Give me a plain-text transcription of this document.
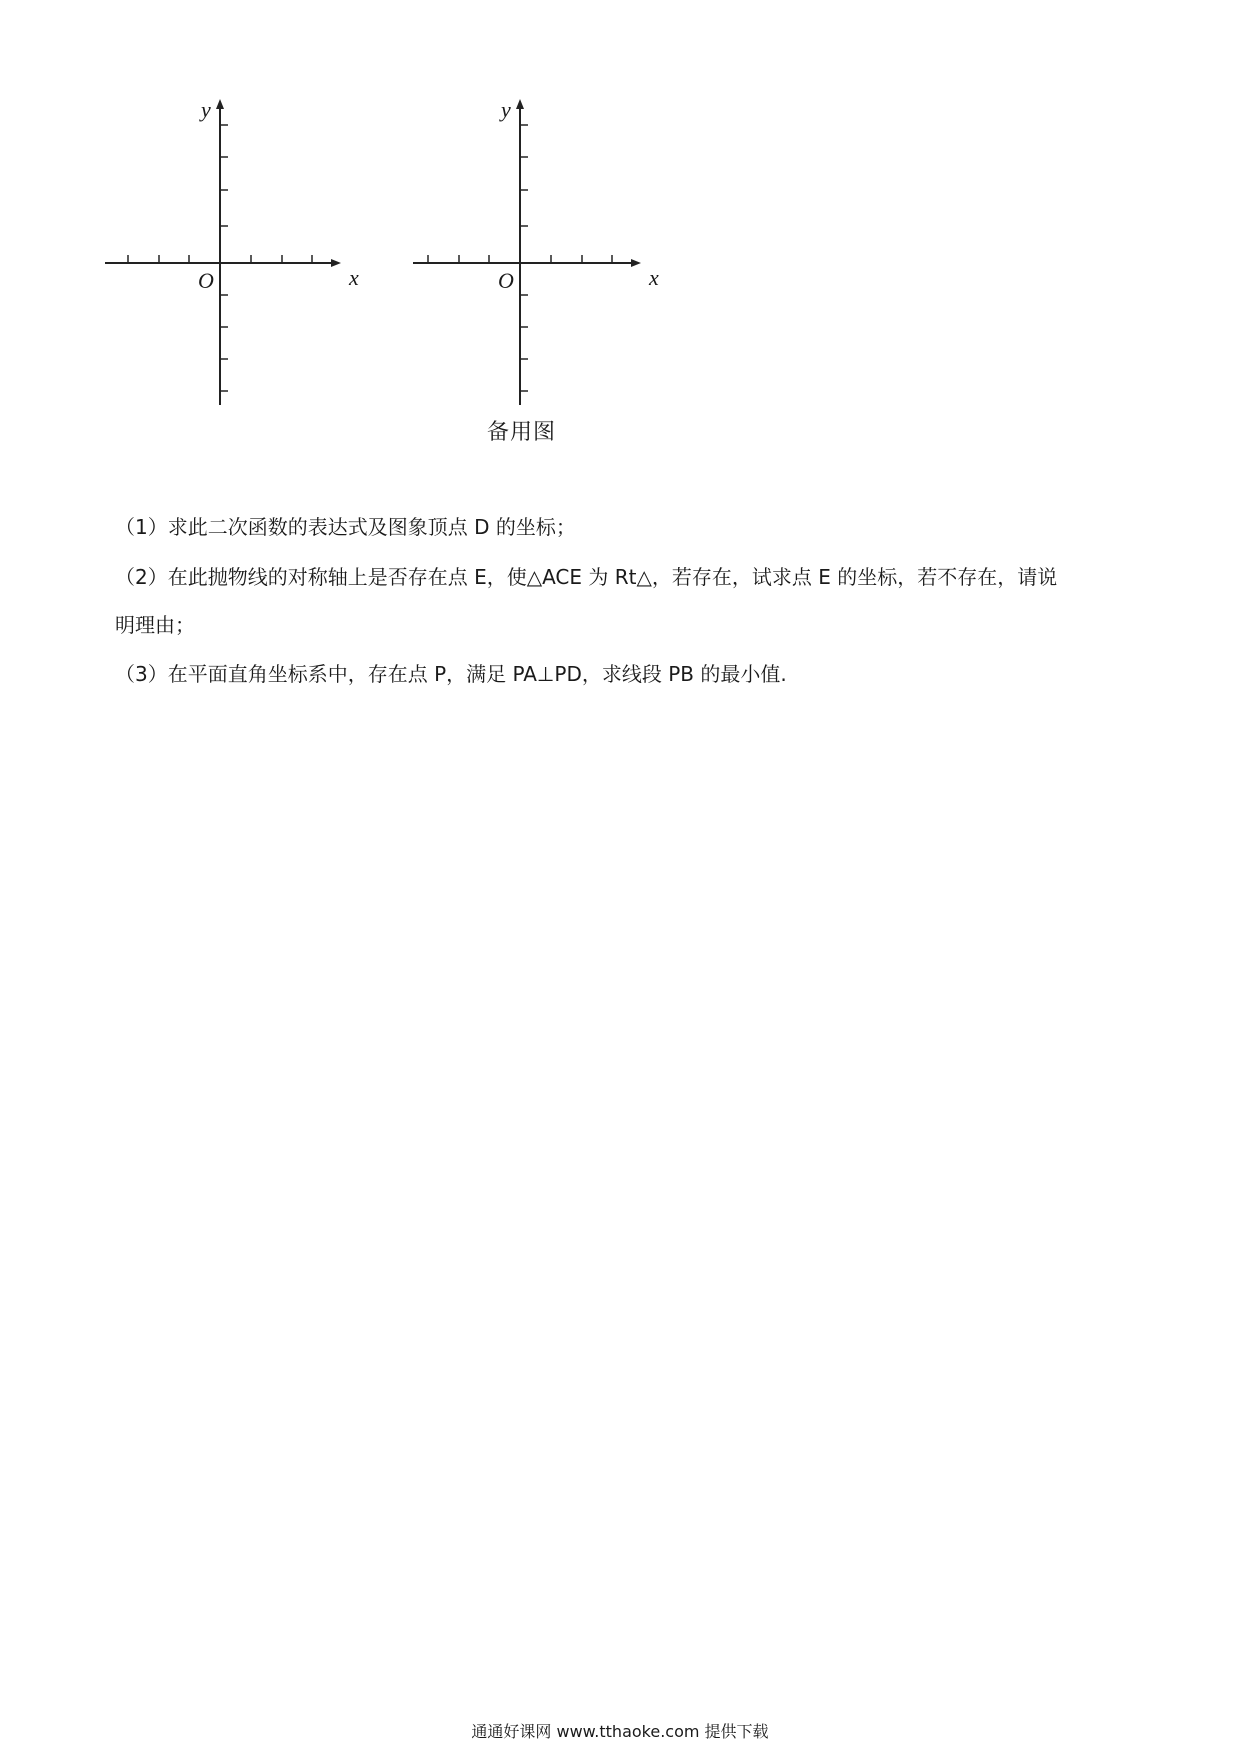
y
x
O
y
x
O
备用图
（1）求此二次函数的表达式及图象顶点 D 的坐标；
（2）在此抛物线的对称轴上是否存在点 E，使△ACE 为 Rt△，若存在，试求点 E 的坐标，若不存在，请说
明理由；
（3）在平面直角坐标系中，存在点 P，满足 PA⊥PD，求线段 PB 的最小值.
通通好课网 www.tthaoke.com 提供下载
